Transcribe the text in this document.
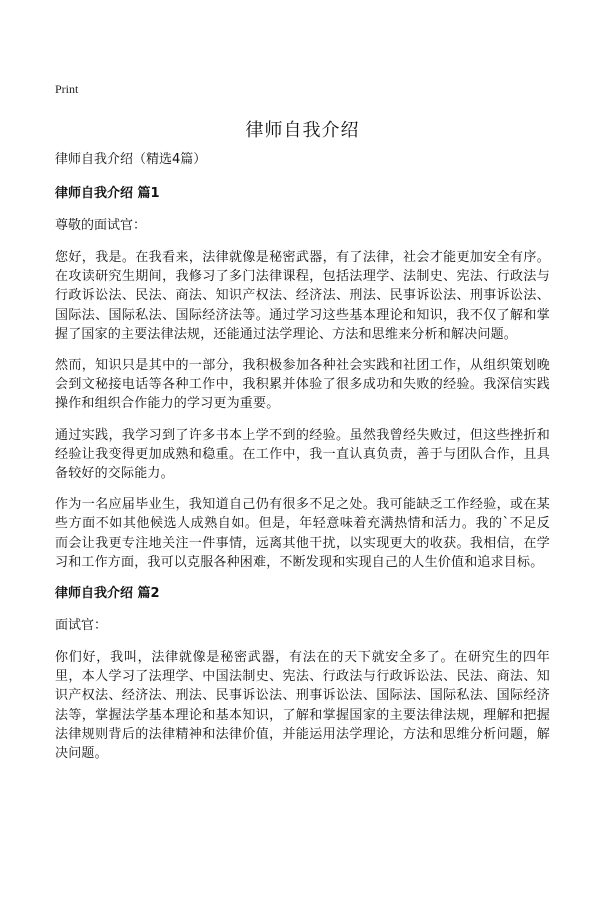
Print
律师自我介绍
律师自我介绍（精选4篇）
律师自我介绍 篇1
尊敬的面试官：

您好，我是。在我看来，法律就像是秘密武器，有了法律，社会才能更加安全有序。在攻读研究生期间，我修习了多门法律课程，包括法理学、法制史、宪法、行政法与行政诉讼法、民法、商法、知识产权法、经济法、刑法、民事诉讼法、刑事诉讼法、国际法、国际私法、国际经济法等。通过学习这些基本理论和知识，我不仅了解和掌握了国家的主要法律法规，还能通过法学理论、方法和思维来分析和解决问题。

然而，知识只是其中的一部分，我积极参加各种社会实践和社团工作，从组织策划晚会到文秘接电话等各种工作中，我积累并体验了很多成功和失败的经验。我深信实践操作和组织合作能力的学习更为重要。

通过实践，我学习到了许多书本上学不到的经验。虽然我曾经失败过，但这些挫折和经验让我变得更加成熟和稳重。在工作中，我一直认真负责，善于与团队合作，且具备较好的交际能力。

作为一名应届毕业生，我知道自己仍有很多不足之处。我可能缺乏工作经验，或在某些方面不如其他候选人成熟自如。但是，年轻意味着充满热情和活力。我的`不足反而会让我更专注地关注一件事情，远离其他干扰，以实现更大的收获。我相信，在学习和工作方面，我可以克服各种困难，不断发现和实现自己的人生价值和追求目标。

律师自我介绍 篇2
面试官：

你们好，我叫，法律就像是秘密武器，有法在的天下就安全多了。在研究生的四年里，本人学习了法理学、中国法制史、宪法、行政法与行政诉讼法、民法、商法、知识产权法、经济法、刑法、民事诉讼法、刑事诉讼法、国际法、国际私法、国际经济法等，掌握法学基本理论和基本知识，了解和掌握国家的主要法律法规，理解和把握法律规则背后的法律精神和法律价值，并能运用法学理论，方法和思维分析问题，解决问题。
